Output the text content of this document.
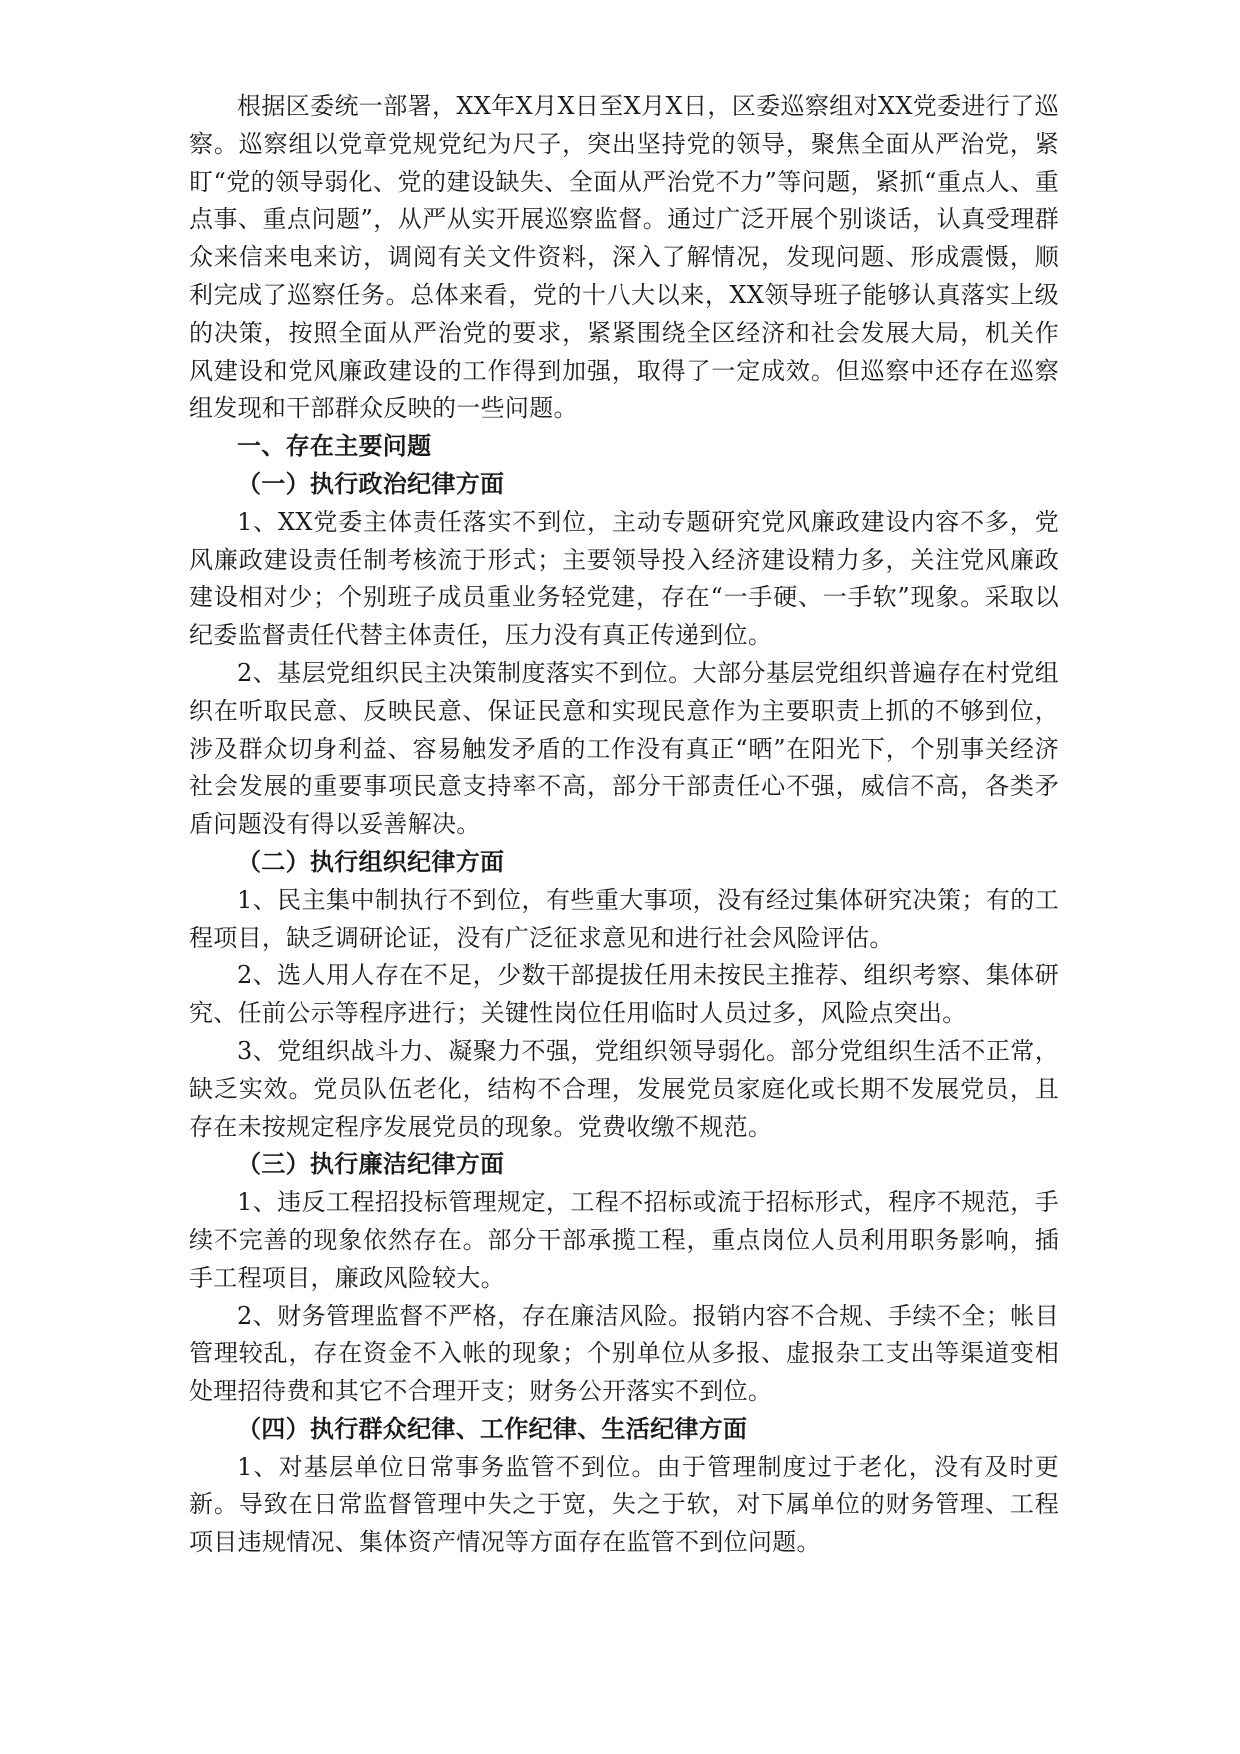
根据区委统一部署，XX年X月X日至X月X日，区委巡察组对XX党委进行了巡察。巡察组以党章党规党纪为尺子，突出坚持党的领导，聚焦全面从严治党，紧盯“党的领导弱化、党的建设缺失、全面从严治党不力”等问题，紧抓“重点人、重点事、重点问题”，从严从实开展巡察监督。通过广泛开展个别谈话，认真受理群众来信来电来访，调阅有关文件资料，深入了解情况，发现问题、形成震慑，顺利完成了巡察任务。总体来看，党的十八大以来，XX领导班子能够认真落实上级的决策，按照全面从严治党的要求，紧紧围绕全区经济和社会发展大局，机关作风建设和党风廉政建设的工作得到加强，取得了一定成效。但巡察中还存在巡察组发现和干部群众反映的一些问题。

一、存在主要问题

（一）执行政治纪律方面

1、XX党委主体责任落实不到位，主动专题研究党风廉政建设内容不多，党风廉政建设责任制考核流于形式；主要领导投入经济建设精力多，关注党风廉政建设相对少；个别班子成员重业务轻党建，存在“一手硬、一手软”现象。采取以纪委监督责任代替主体责任，压力没有真正传递到位。

2、基层党组织民主决策制度落实不到位。大部分基层党组织普遍存在村党组织在听取民意、反映民意、保证民意和实现民意作为主要职责上抓的不够到位，涉及群众切身利益、容易触发矛盾的工作没有真正“晒”在阳光下，个别事关经济社会发展的重要事项民意支持率不高，部分干部责任心不强，威信不高，各类矛盾问题没有得以妥善解决。

（二）执行组织纪律方面

1、民主集中制执行不到位，有些重大事项，没有经过集体研究决策；有的工程项目，缺乏调研论证，没有广泛征求意见和进行社会风险评估。

2、选人用人存在不足，少数干部提拔任用未按民主推荐、组织考察、集体研究、任前公示等程序进行；关键性岗位任用临时人员过多，风险点突出。

3、党组织战斗力、凝聚力不强，党组织领导弱化。部分党组织生活不正常，缺乏实效。党员队伍老化，结构不合理，发展党员家庭化或长期不发展党员，且存在未按规定程序发展党员的现象。党费收缴不规范。

（三）执行廉洁纪律方面

1、违反工程招投标管理规定，工程不招标或流于招标形式，程序不规范，手续不完善的现象依然存在。部分干部承揽工程，重点岗位人员利用职务影响，插手工程项目，廉政风险较大。

2、财务管理监督不严格，存在廉洁风险。报销内容不合规、手续不全；帐目管理较乱，存在资金不入帐的现象；个别单位从多报、虚报杂工支出等渠道变相处理招待费和其它不合理开支；财务公开落实不到位。

（四）执行群众纪律、工作纪律、生活纪律方面

1、对基层单位日常事务监管不到位。由于管理制度过于老化，没有及时更新。导致在日常监督管理中失之于宽，失之于软，对下属单位的财务管理、工程项目违规情况、集体资产情况等方面存在监管不到位问题。
